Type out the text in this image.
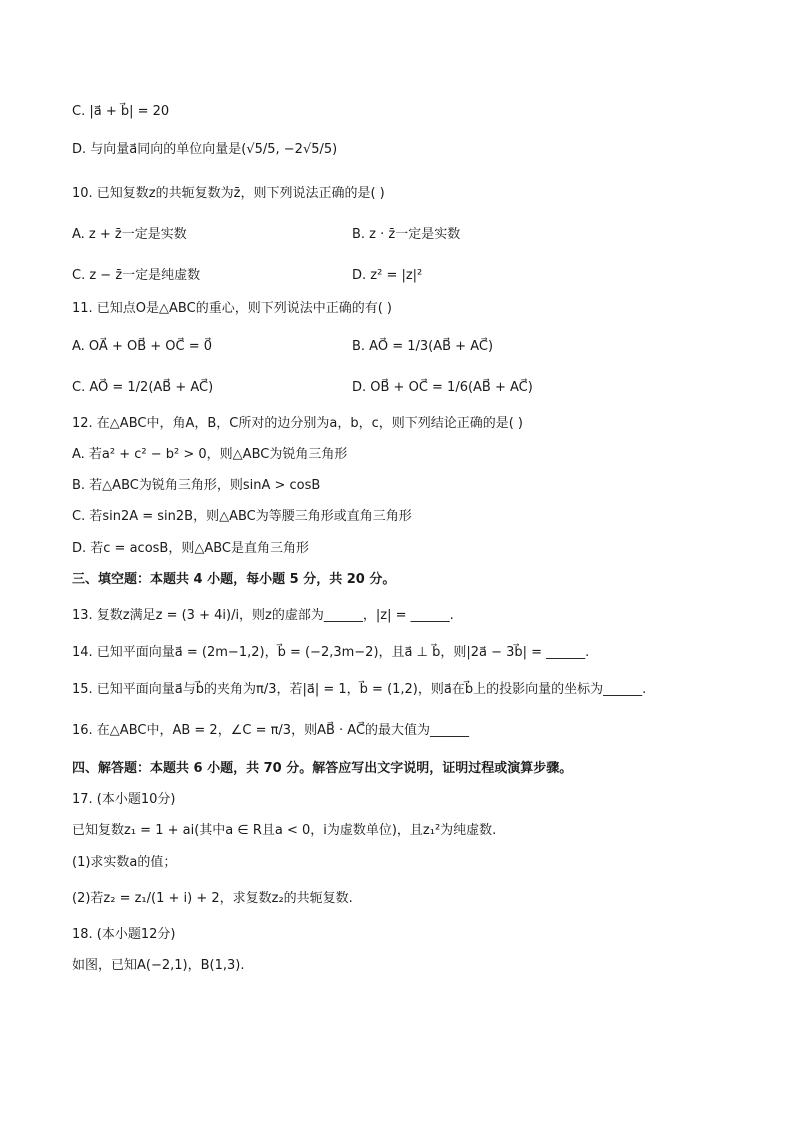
C. |a⃗ + b⃗| = 20
D. 与向量a⃗同向的单位向量是(√5/5, −2√5/5)
10. 已知复数z的共轭复数为z̄，则下列说法正确的是( )
A. z + z̄一定是实数	B. z · z̄一定是实数
C. z − z̄一定是纯虚数	D. z² = |z|²
11. 已知点O是△ABC的重心，则下列说法中正确的有( )
A. OA⃗ + OB⃗ + OC⃗ = 0⃗	B. AO⃗ = 1/3(AB⃗ + AC⃗)
C. AO⃗ = 1/2(AB⃗ + AC⃗)	D. OB⃗ + OC⃗ = 1/6(AB⃗ + AC⃗)
12. 在△ABC中，角A，B，C所对的边分别为a，b，c，则下列结论正确的是( )
A. 若a² + c² − b² > 0，则△ABC为锐角三角形
B. 若△ABC为锐角三角形，则sinA > cosB
C. 若sin2A = sin2B，则△ABC为等腰三角形或直角三角形
D. 若c = acosB，则△ABC是直角三角形
三、填空题：本题共 4 小题，每小题 5 分，共 20 分。
13. 复数z满足z = (3 + 4i)/i，则z的虚部为______，|z| = ______.
14. 已知平面向量a⃗ = (2m−1,2)，b⃗ = (−2,3m−2)，且a⃗ ⊥ b⃗，则|2a⃗ − 3b⃗| = ______.
15. 已知平面向量a⃗与b⃗的夹角为π/3，若|a⃗| = 1，b⃗ = (1,2)，则a⃗在b⃗上的投影向量的坐标为______.
16. 在△ABC中，AB = 2，∠C = π/3，则AB⃗ · AC⃗的最大值为______
四、解答题：本题共 6 小题，共 70 分。解答应写出文字说明，证明过程或演算步骤。
17. (本小题10分)
已知复数z₁ = 1 + ai(其中a ∈ R且a < 0，i为虚数单位)，且z₁²为纯虚数.
(1)求实数a的值；
(2)若z₂ = z₁/(1 + i) + 2，求复数z₂的共轭复数.
18. (本小题12分)
如图，已知A(−2,1)，B(1,3).
